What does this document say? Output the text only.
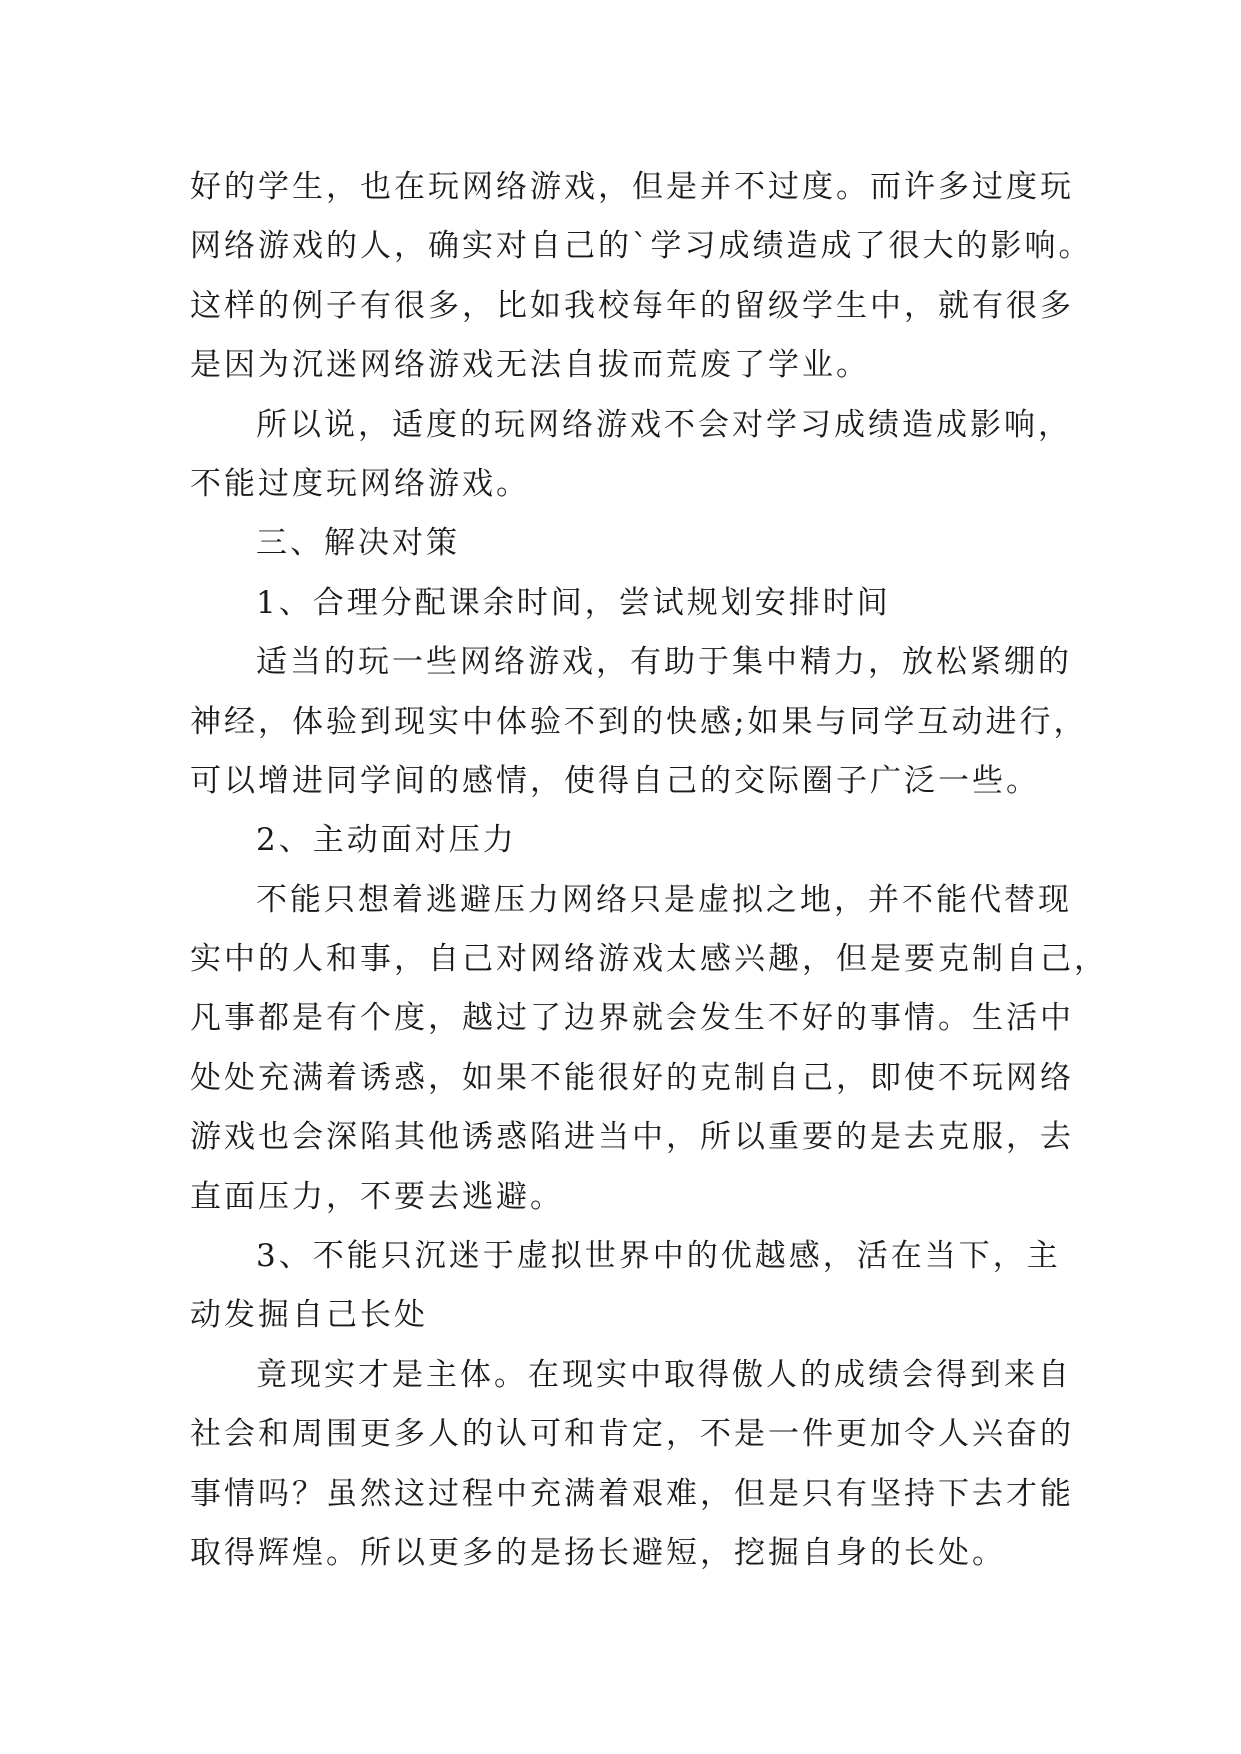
好的学生，也在玩网络游戏，但是并不过度。而许多过度玩
网络游戏的人，确实对自己的`学习成绩造成了很大的影响。
这样的例子有很多，比如我校每年的留级学生中，就有很多
是因为沉迷网络游戏无法自拔而荒废了学业。
所以说，适度的玩网络游戏不会对学习成绩造成影响，
不能过度玩网络游戏。
三、解决对策
1、合理分配课余时间，尝试规划安排时间
适当的玩一些网络游戏，有助于集中精力，放松紧绷的
神经，体验到现实中体验不到的快感;如果与同学互动进行，
可以增进同学间的感情，使得自己的交际圈子广泛一些。
2、主动面对压力
不能只想着逃避压力网络只是虚拟之地，并不能代替现
实中的人和事，自己对网络游戏太感兴趣，但是要克制自己，
凡事都是有个度，越过了边界就会发生不好的事情。生活中
处处充满着诱惑，如果不能很好的克制自己，即使不玩网络
游戏也会深陷其他诱惑陷进当中，所以重要的是去克服，去
直面压力，不要去逃避。
3、不能只沉迷于虚拟世界中的优越感，活在当下，主
动发掘自己长处
竟现实才是主体。在现实中取得傲人的成绩会得到来自
社会和周围更多人的认可和肯定，不是一件更加令人兴奋的
事情吗？虽然这过程中充满着艰难，但是只有坚持下去才能
取得辉煌。所以更多的是扬长避短，挖掘自身的长处。
